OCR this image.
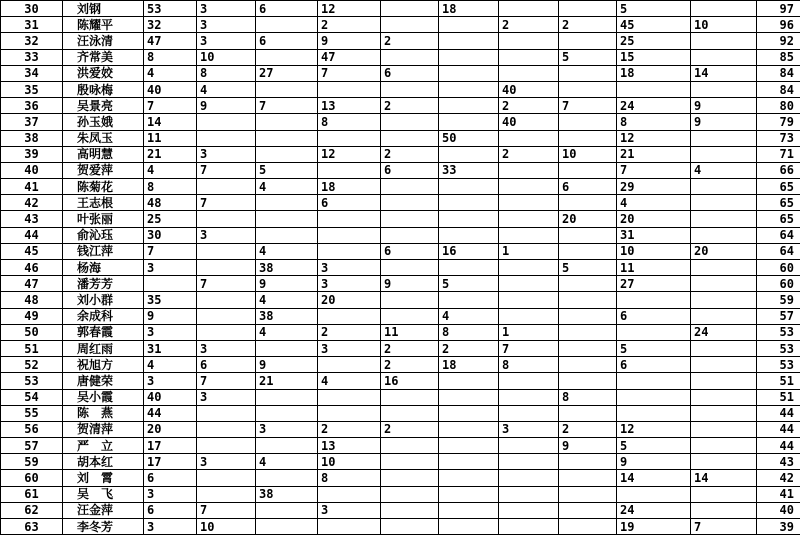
30	刘钢	53	3	6	12		18			5		97
31	陈耀平	32	3		2			2	2	45	10	96
32	汪泳清	47	3	6	9	2				25		92
33	齐常美	8	10		47				5	15		85
34	洪爱姣	4	8	27	7	6				18	14	84
35	殷咏梅	40	4					40				84
36	吴景亮	7	9	7	13	2		2	7	24	9	80
37	孙玉娥	14			8			40		8	9	79
38	朱凤玉	11					50			12		73
39	高明慧	21	3		12	2		2	10	21		71
40	贺爱萍	4	7	5		6	33			7	4	66
41	陈菊花	8		4	18				6	29		65
42	王志根	48	7		6					4		65
43	叶张丽	25							20	20		65
44	俞沁珏	30	3							31		64
45	钱江萍	7		4		6	16	1		10	20	64
46	杨海	3		38	3				5	11		60
47	潘芳芳		7	9	3	9	5			27		60
48	刘小群	35		4	20							59
49	余成科	9		38			4			6		57
50	郭春霞	3		4	2	11	8	1			24	53
51	周红雨	31	3		3	2	2	7		5		53
52	祝旭方	4	6	9		2	18	8		6		53
53	唐健荣	3	7	21	4	16						51
54	吴小霞	40	3						8			51
55	陈　燕	44										44
56	贺清萍	20		3	2	2		3	2	12		44
57	严　立	17			13				9	5		44
59	胡本红	17	3	4	10					9		43
60	刘　霄	6			8					14	14	42
61	吴　飞	3		38								41
62	汪金萍	6	7		3					24		40
63	李冬芳	3	10							19	7	39
